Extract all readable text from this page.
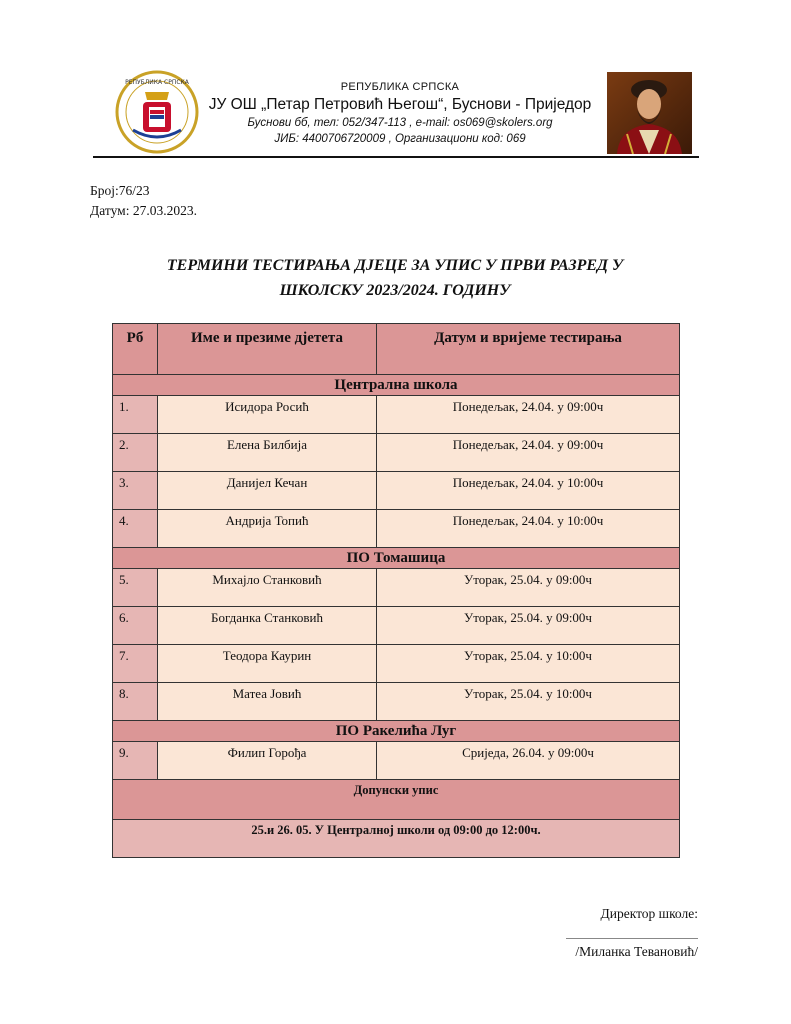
РЕПУБЛИКА СРПСКА	РЕПУБЛИКА СРПСКА
ЈУ ОШ „Петар Петровић Његош“, Буснови - Приједор
Буснови бб, тел: 052/347-113 , e-mail: os069@skolers.org
ЈИБ: 4400706720009 , Организациони код: 069
Број:76/23
Датум: 27.03.2023.
ТЕРМИНИ ТЕСТИРАЊА ДЈЕЦЕ ЗА УПИС У ПРВИ РАЗРЕД У
ШКОЛСКУ 2023/2024. ГОДИНУ
Рб	Име и презиме дјетета	Датум и вријеме тестирања
Централна школа		
1.	Исидора Росић	Понедељак, 24.04. у 09:00ч
2.	Елена Билбија	Понедељак, 24.04. у 09:00ч
3.	Данијел Кечан	Понедељак, 24.04. у 10:00ч
4.	Андрија Топић	Понедељак, 24.04. у 10:00ч
ПО Томашица		
5.	Михајло Станковић	Уторак, 25.04. у 09:00ч
6.	Богданка Станковић	Уторак, 25.04. у 09:00ч
7.	Теодора Каурин	Уторак, 25.04. у 10:00ч
8.	Матеа Јовић	Уторак, 25.04. у 10:00ч
ПО Ракелића Луг		
9.	Филип Горођа	Сриједа, 26.04. у 09:00ч
Допунски упис		
25.и 26. 05. У Централној школи од 09:00 до 12:00ч.		
Директор школе:
/Миланка Тевановић/
